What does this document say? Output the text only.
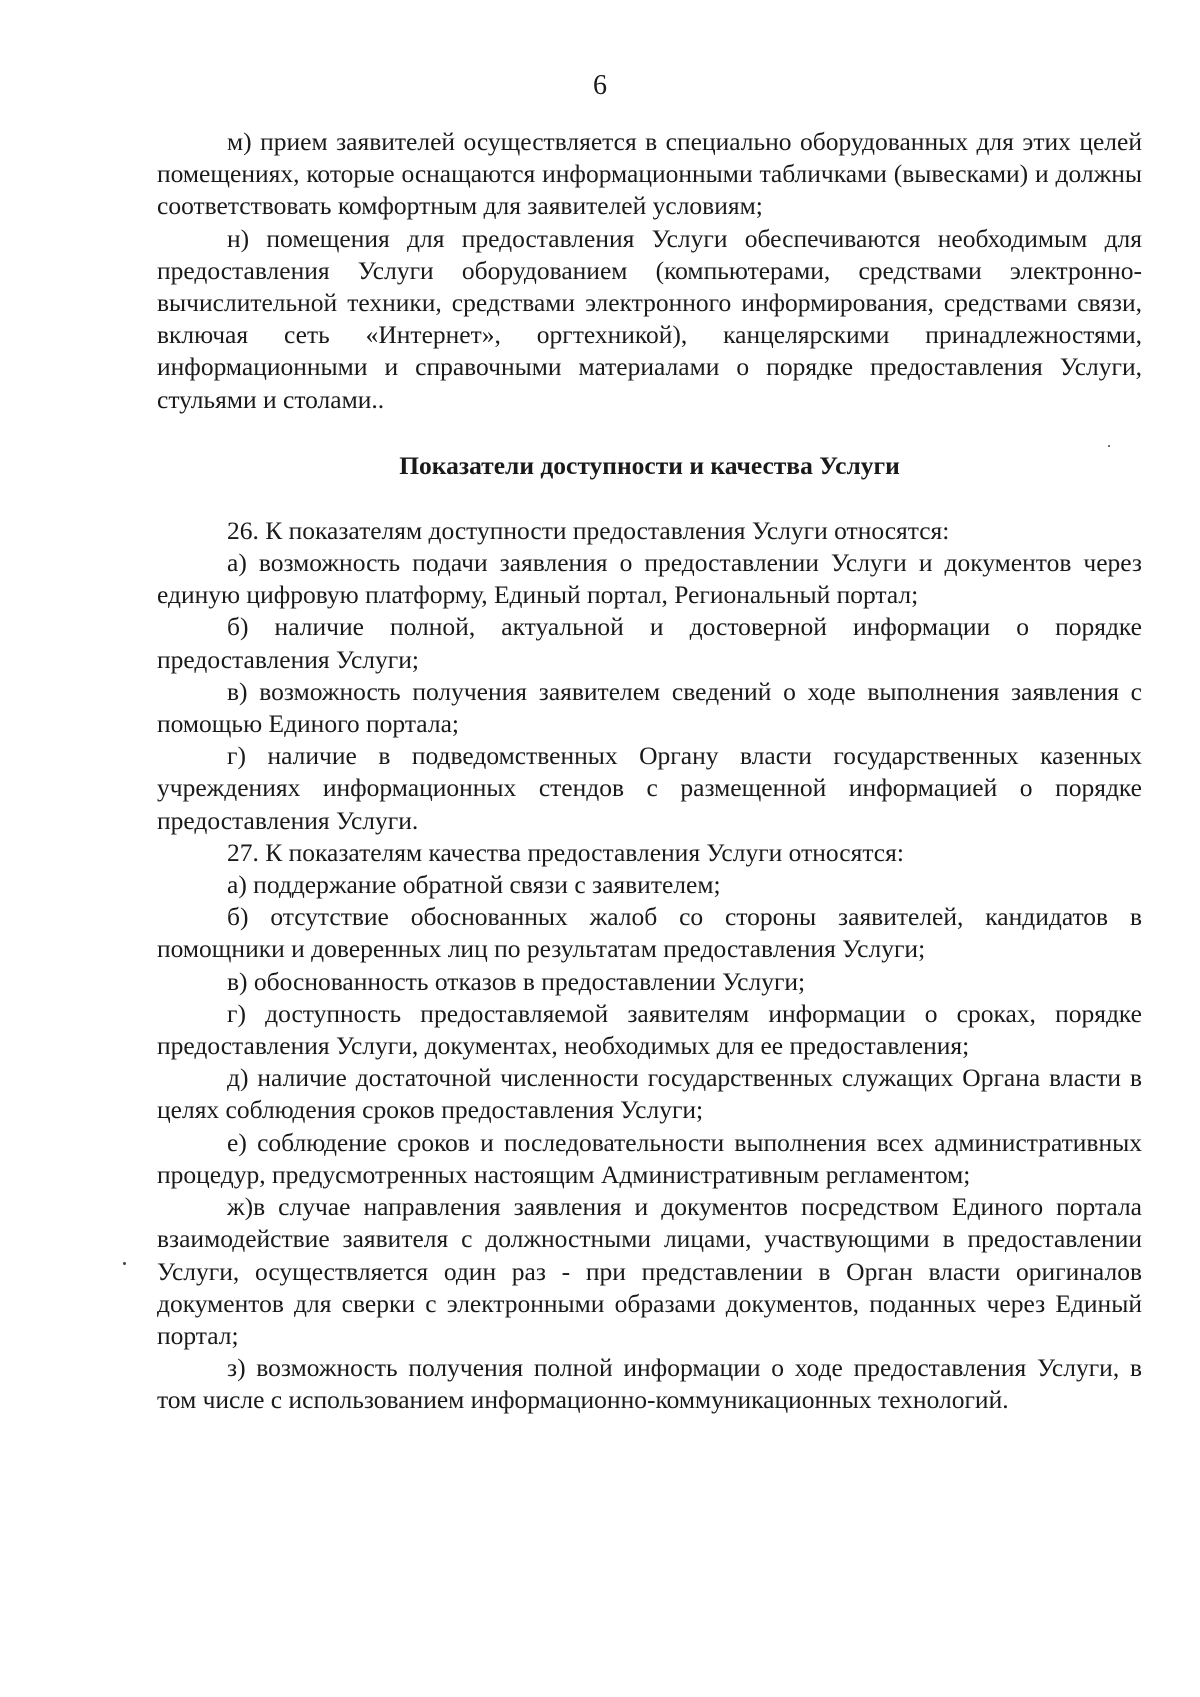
6

м) прием заявителей осуществляется в специально оборудованных для этих целей помещениях, которые оснащаются информационными табличками (вывесками) и должны соответствовать комфортным для заявителей условиям;

н) помещения для предоставления Услуги обеспечиваются необходимым для предоставления Услуги оборудованием (компьютерами, средствами электронно-вычислительной техники, средствами электронного информирования, средствами связи, включая сеть «Интернет», оргтехникой), канцелярскими принадлежностями, информационными и справочными материалами о порядке предоставления Услуги, стульями и столами..

Показатели доступности и качества Услуги

26. К показателям доступности предоставления Услуги относятся:

а) возможность подачи заявления о предоставлении Услуги и документов через единую цифровую платформу, Единый портал, Региональный портал;

б) наличие полной, актуальной и достоверной информации о порядке предоставления Услуги;

в) возможность получения заявителем сведений о ходе выполнения заявления с помощью Единого портала;

г) наличие в подведомственных Органу власти государственных казенных учреждениях информационных стендов с размещенной информацией о порядке предоставления Услуги.

27. К показателям качества предоставления Услуги относятся:

а) поддержание обратной связи с заявителем;

б) отсутствие обоснованных жалоб со стороны заявителей, кандидатов в помощники и доверенных лиц по результатам предоставления Услуги;

в) обоснованность отказов в предоставлении Услуги;

г) доступность предоставляемой заявителям информации о сроках, порядке предоставления Услуги, документах, необходимых для ее предоставления;

д) наличие достаточной численности государственных служащих Органа власти в целях соблюдения сроков предоставления Услуги;

е) соблюдение сроков и последовательности выполнения всех административных процедур, предусмотренных настоящим Административным регламентом;

ж)в случае направления заявления и документов посредством Единого портала взаимодействие заявителя с должностными лицами, участвующими в предоставлении Услуги, осуществляется один раз - при представлении в Орган власти оригиналов документов для сверки с электронными образами документов, поданных через Единый портал;

з) возможность получения полной информации о ходе предоставления Услуги, в том числе с использованием информационно-коммуникационных технологий.
